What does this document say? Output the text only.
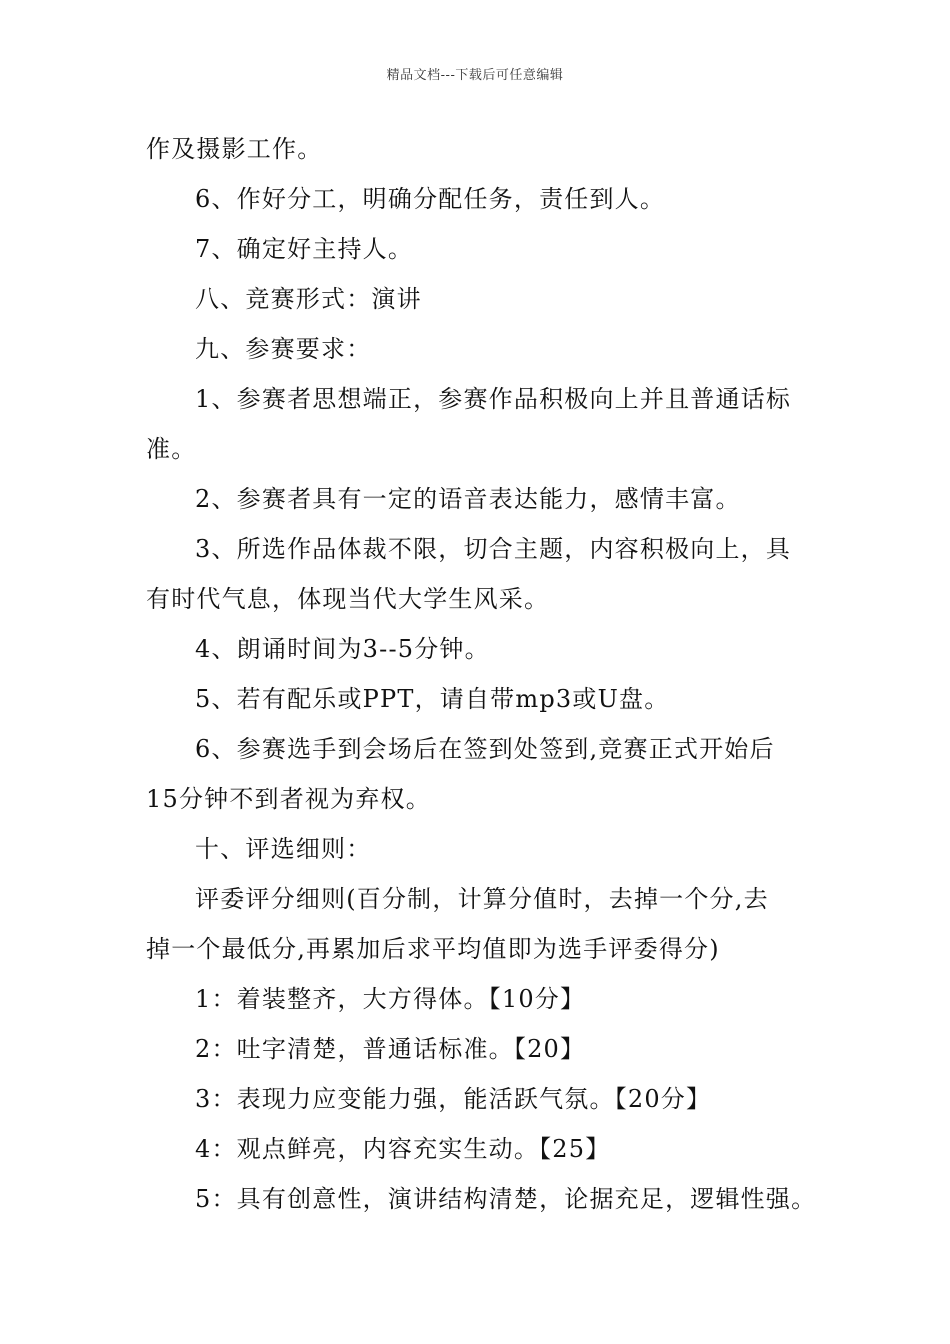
精品文档---下载后可任意编辑
作及摄影工作。
6、作好分工，明确分配任务，责任到人。
7、确定好主持人。
八、竞赛形式：演讲
九、参赛要求：
1、参赛者思想端正，参赛作品积极向上并且普通话标
准。
2、参赛者具有一定的语音表达能力，感情丰富。
3、所选作品体裁不限，切合主题，内容积极向上，具
有时代气息，体现当代大学生风采。
4、朗诵时间为3--5分钟。
5、若有配乐或PPT，请自带mp3或U盘。
6、参赛选手到会场后在签到处签到,竞赛正式开始后
15分钟不到者视为弃权。
十、评选细则：
评委评分细则(百分制，计算分值时，去掉一个分,去
掉一个最低分,再累加后求平均值即为选手评委得分)
1：着装整齐，大方得体。【10分】
2：吐字清楚，普通话标准。【20】
3：表现力应变能力强，能活跃气氛。【20分】
4：观点鲜亮，内容充实生动。【25】
5：具有创意性，演讲结构清楚，论据充足，逻辑性强。
